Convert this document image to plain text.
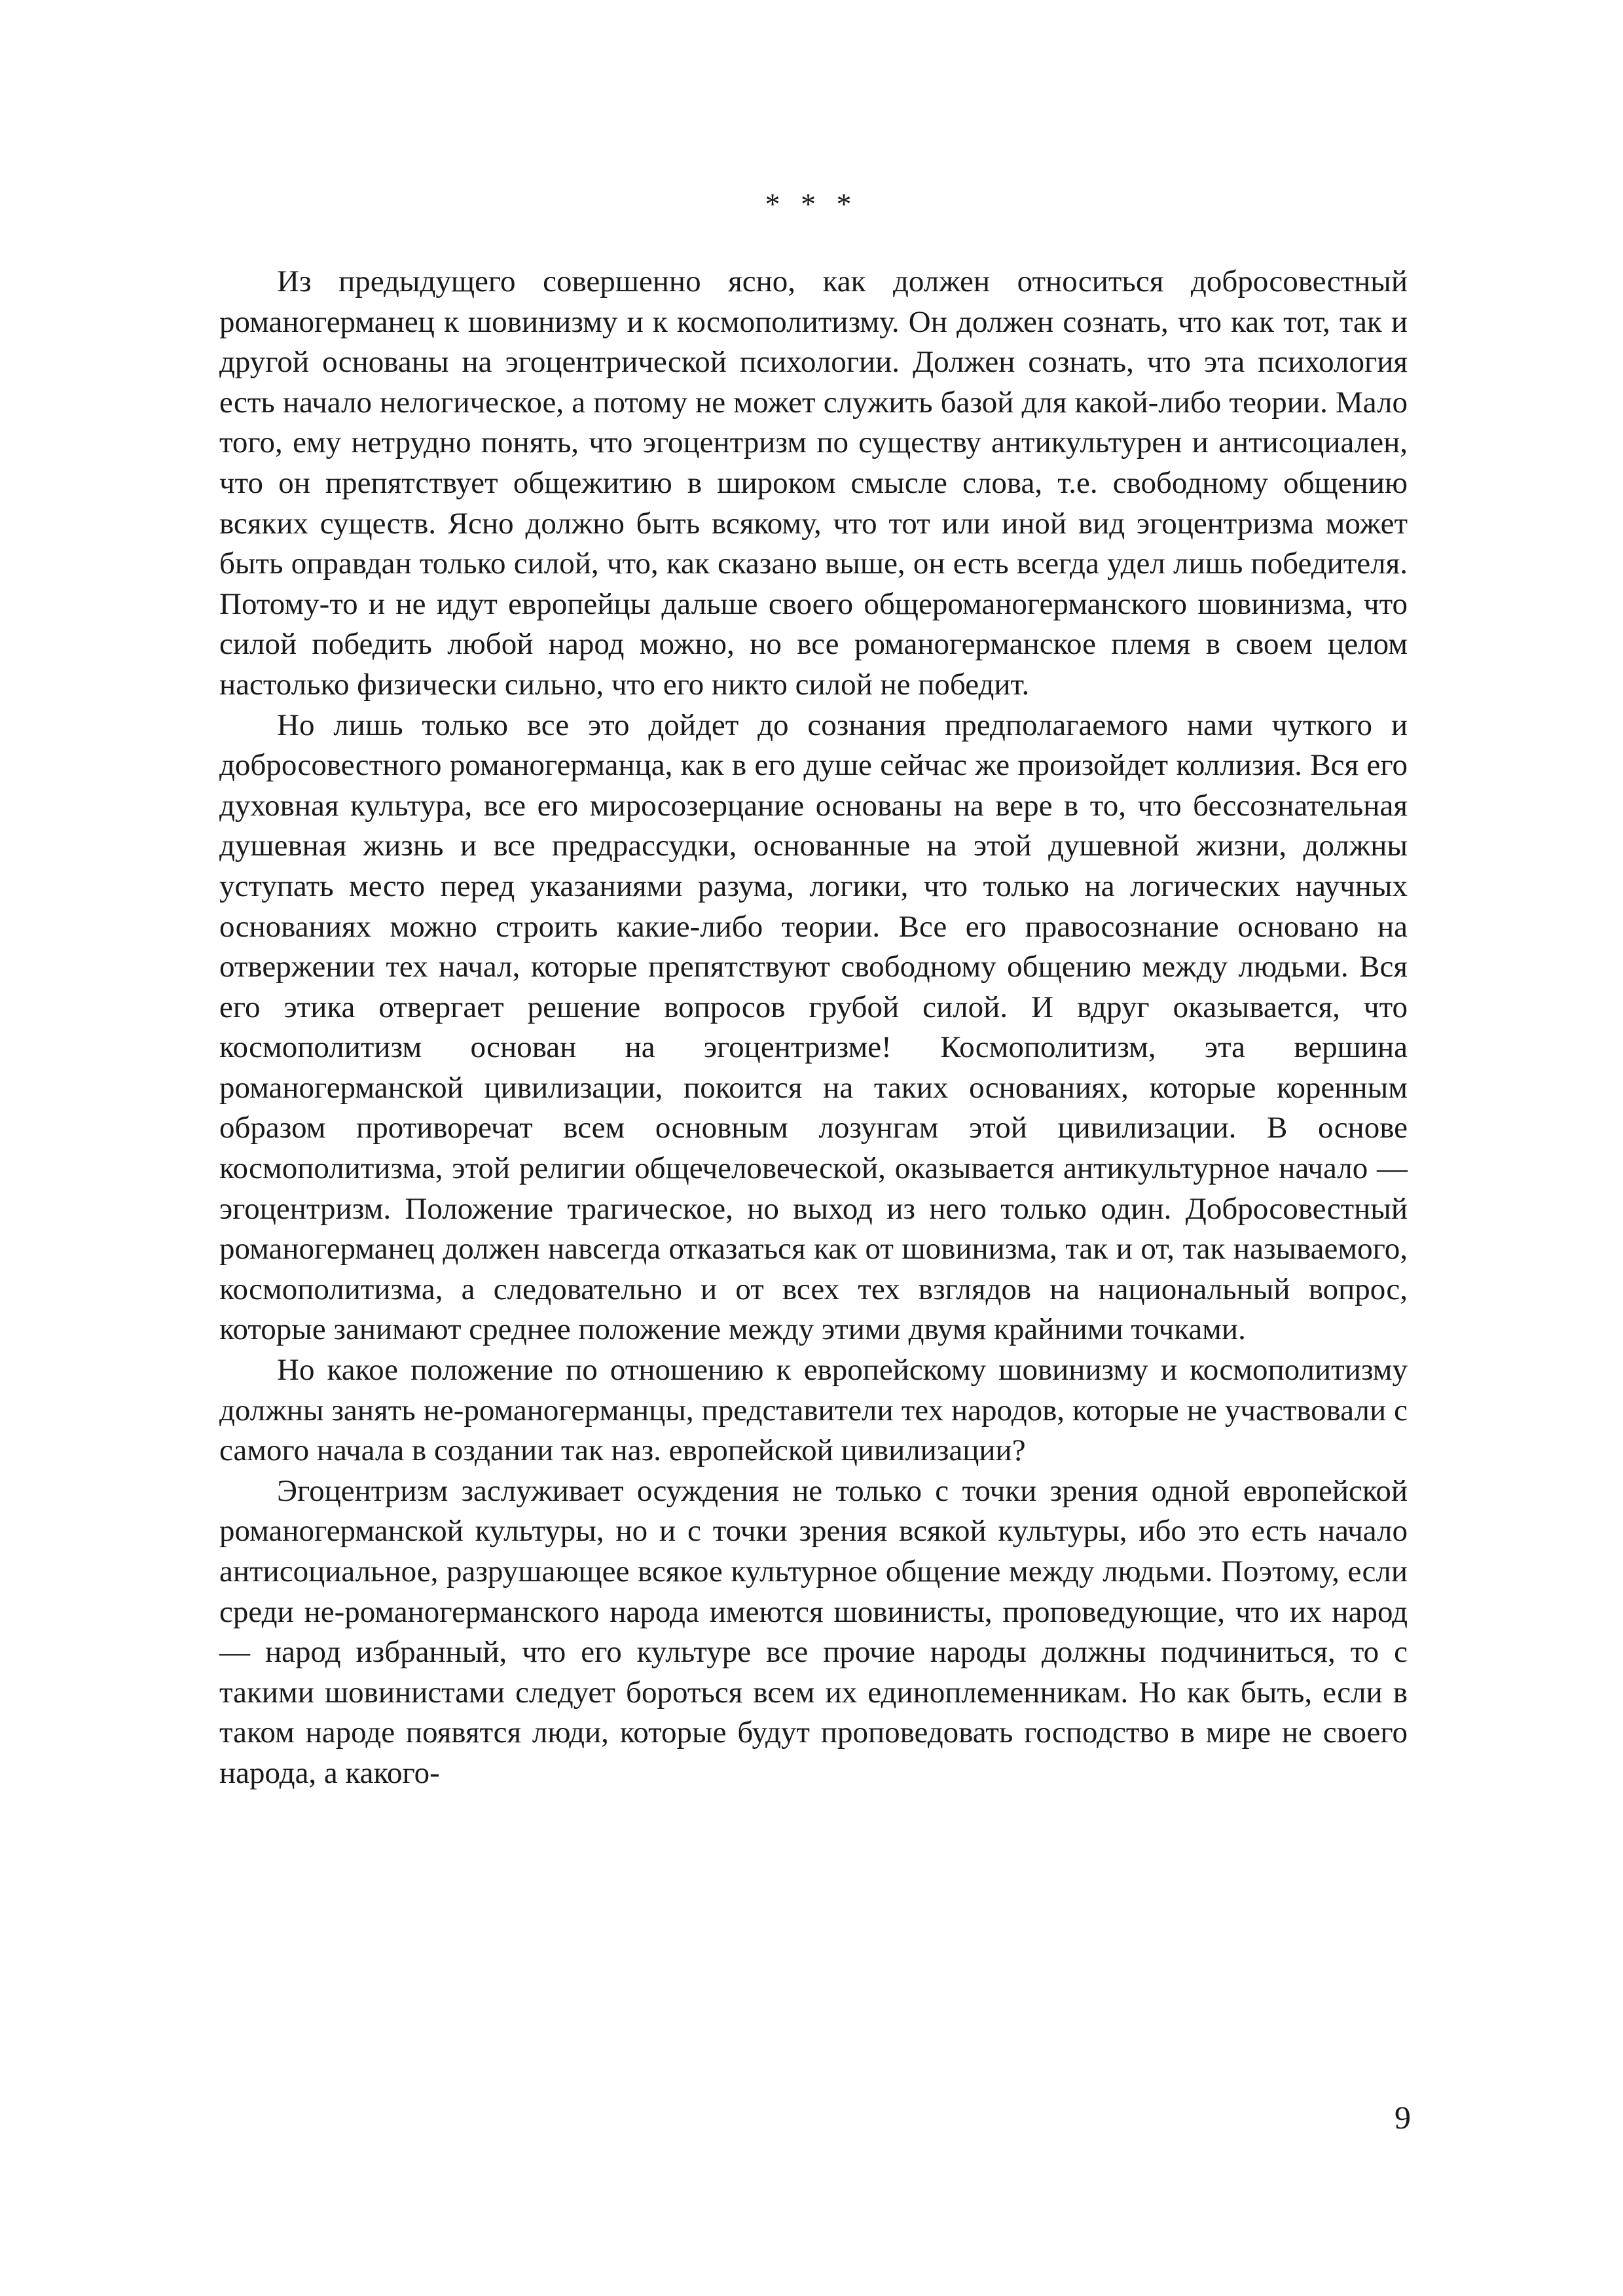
* * *

Из предыдущего совершенно ясно, как должен относиться добросовестный романогерманец к шовинизму и к космополитизму. Он должен сознать, что как тот, так и другой основаны на эгоцентрической психологии. Должен сознать, что эта психология есть начало нелогическое, а потому не может служить базой для какой-либо теории. Мало того, ему нетрудно понять, что эгоцентризм по существу антикультурен и антисоциален, что он препятствует общежитию в широком смысле слова, т.е. свободному общению всяких существ. Ясно должно быть всякому, что тот или иной вид эгоцентризма может быть оправдан только силой, что, как сказано выше, он есть всегда удел лишь победителя. Потому-то и не идут европейцы дальше своего общероманогерманского шовинизма, что силой победить любой народ можно, но все романогерманское племя в своем целом настолько физически сильно, что его никто силой не победит.

Но лишь только все это дойдет до сознания предполагаемого нами чуткого и добросовестного романогерманца, как в его душе сейчас же произойдет коллизия. Вся его духовная культура, все его миросозерцание основаны на вере в то, что бессознательная душевная жизнь и все предрассудки, основанные на этой душевной жизни, должны уступать место перед указаниями разума, логики, что только на логических научных основаниях можно строить какие-либо теории. Все его правосознание основано на отвержении тех начал, которые препятствуют свободному общению между людьми. Вся его этика отвергает решение вопросов грубой силой. И вдруг оказывается, что космополитизм основан на эгоцентризме! Космополитизм, эта вершина романогерманской цивилизации, покоится на таких основаниях, которые коренным образом противоречат всем основным лозунгам этой цивилизации. В основе космополитизма, этой религии общечеловеческой, оказывается антикультурное начало — эгоцентризм. Положение трагическое, но выход из него только один. Добросовестный романогерманец должен навсегда отказаться как от шовинизма, так и от, так называемого, космополитизма, а следовательно и от всех тех взглядов на национальный вопрос, которые занимают среднее положение между этими двумя крайними точками.

Но какое положение по отношению к европейскому шовинизму и космополитизму должны занять не-романогерманцы, представители тех народов, которые не участвовали с самого начала в создании так наз. европейской цивилизации?

Эгоцентризм заслуживает осуждения не только с точки зрения одной европейской романогерманской культуры, но и с точки зрения всякой культуры, ибо это есть начало антисоциальное, разрушающее всякое культурное общение между людьми. Поэтому, если среди не-романогерманского народа имеются шовинисты, проповедующие, что их народ — народ избранный, что его культуре все прочие народы должны подчиниться, то с такими шовинистами следует бороться всем их единоплеменникам. Но как быть, если в таком народе появятся люди, которые будут проповедовать господство в мире не своего народа, а какого-

9
